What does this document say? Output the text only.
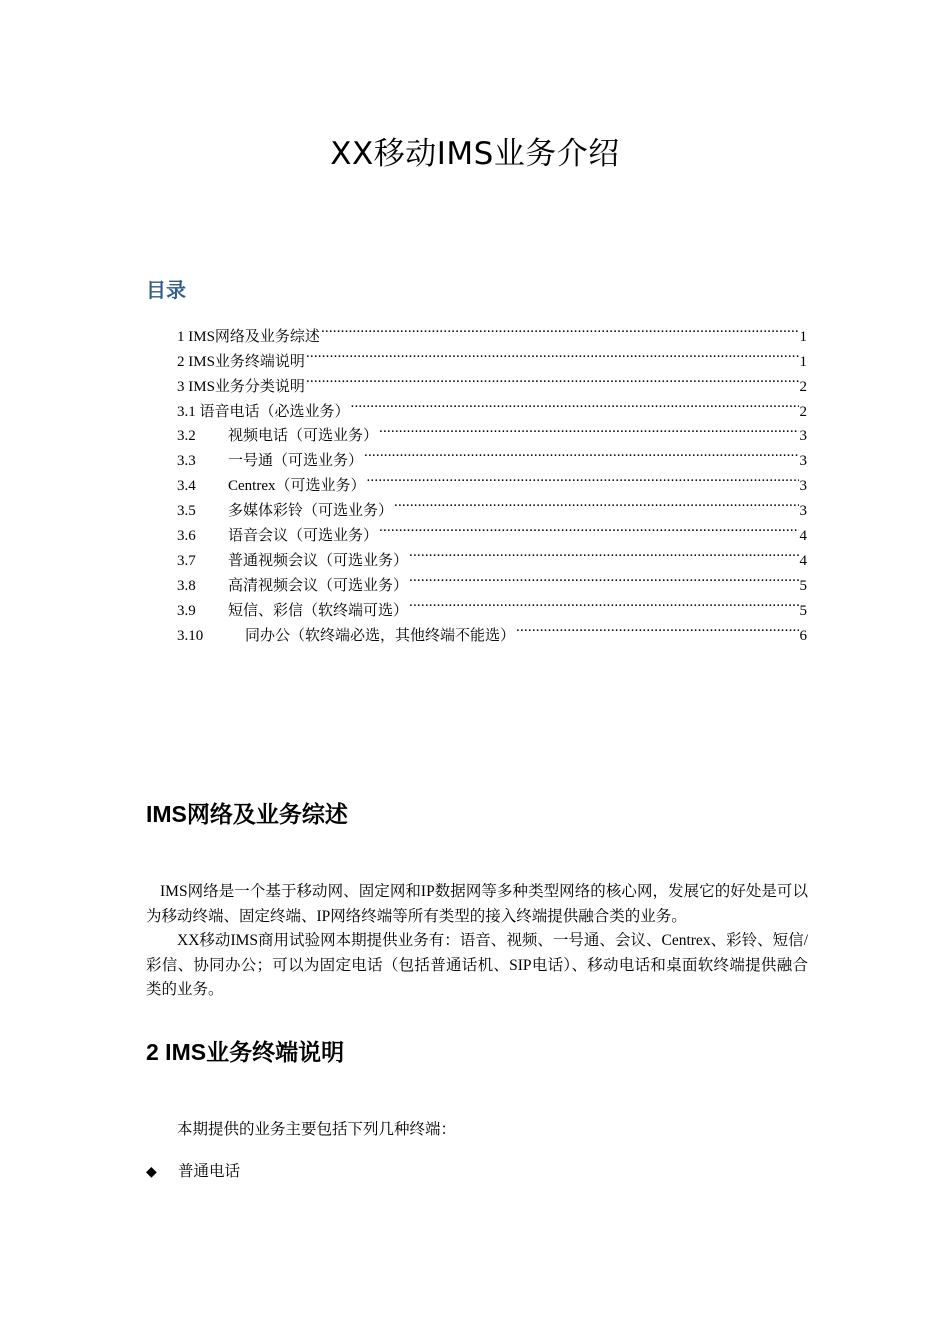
XX移动IMS业务介绍
目录
1 IMS网络及业务综述 .....	1
2 IMS业务终端说明 .....	1
3 IMS业务分类说明 .....	2
3.1 语音电话（必选业务） .....	2
3.2	视频电话（可选业务） .....	3
3.3	一号通（可选业务） .....	3
3.4	Centrex（可选业务） .....	3
3.5	多媒体彩铃（可选业务） .....	3
3.6	语音会议（可选业务） .....	4
3.7	普通视频会议（可选业务） .....	4
3.8	高清视频会议（可选业务） .....	5
3.9	短信、彩信（软终端可选） .....	5
3.10	同办公（软终端必选，其他终端不能选） .....	6
IMS网络及业务综述

IMS网络是一个基于移动网、固定网和IP数据网等多种类型网络的核心网，发展它的好处是可以为移动终端、固定终端、IP网络终端等所有类型的接入终端提供融合类的业务。

XX移动IMS商用试验网本期提供业务有：语音、视频、一号通、会议、Centrex、彩铃、短信/彩信、协同办公；可以为固定电话（包括普通话机、SIP电话）、移动电话和桌面软终端提供融合类的业务。

2 IMS业务终端说明

本期提供的业务主要包括下列几种终端：

◆	普通电话
